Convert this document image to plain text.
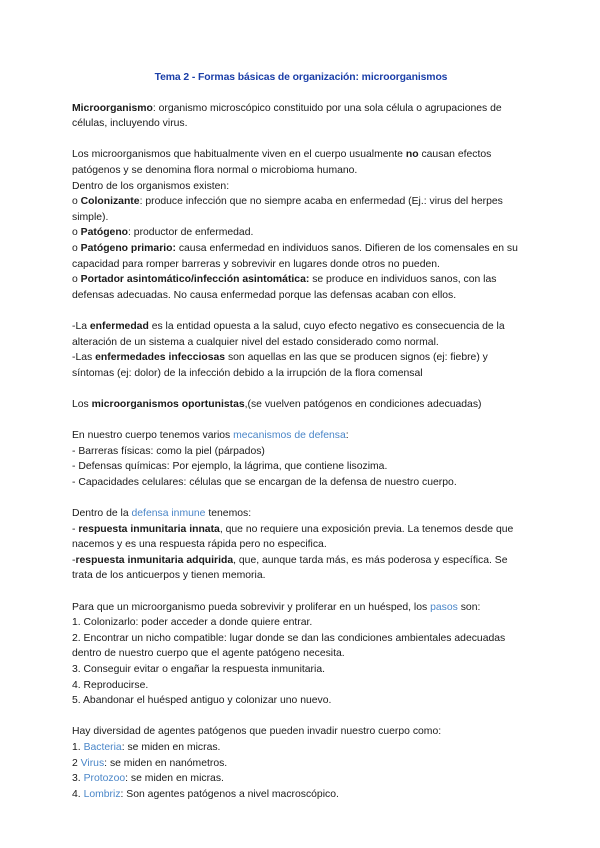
Tema 2 - Formas básicas de organización: microorganismos

Microorganismo: organismo microscópico constituido por una sola célula o agrupaciones de células, incluyendo virus.

Los microorganismos que habitualmente viven en el cuerpo usualmente no causan efectos patógenos y se denomina flora normal o microbioma humano.

Dentro de los organismos existen:

o Colonizante: produce infección que no siempre acaba en enfermedad (Ej.: virus del herpes simple).

o Patógeno: productor de enfermedad.

o Patógeno primario: causa enfermedad en individuos sanos. Difieren de los comensales en su capacidad para romper barreras y sobrevivir en lugares donde otros no pueden.

o Portador asintomático/infección asintomática: se produce en individuos sanos, con las defensas adecuadas. No causa enfermedad porque las defensas acaban con ellos.

-La enfermedad es la entidad opuesta a la salud, cuyo efecto negativo es consecuencia de la alteración de un sistema a cualquier nivel del estado considerado como normal.

-Las enfermedades infecciosas son aquellas en las que se producen signos (ej: fiebre) y síntomas (ej: dolor) de la infección debido a la irrupción de la flora comensal

Los microorganismos oportunistas,(se vuelven patógenos en condiciones adecuadas)

En nuestro cuerpo tenemos varios mecanismos de defensa:

- Barreras físicas: como la piel (párpados)

- Defensas químicas: Por ejemplo, la lágrima, que contiene lisozima.

- Capacidades celulares: células que se encargan de la defensa de nuestro cuerpo.

Dentro de la defensa inmune tenemos:

- respuesta inmunitaria innata, que no requiere una exposición previa. La tenemos desde que nacemos y es una respuesta rápida pero no especifica.

-respuesta inmunitaria adquirida, que, aunque tarda más, es más poderosa y específica. Se trata de los anticuerpos y tienen memoria.

Para que un microorganismo pueda sobrevivir y proliferar en un huésped, los pasos son:

1. Colonizarlo: poder acceder a donde quiere entrar.

2. Encontrar un nicho compatible: lugar donde se dan las condiciones ambientales adecuadas dentro de nuestro cuerpo que el agente patógeno necesita.

3. Conseguir evitar o engañar la respuesta inmunitaria.

4. Reproducirse.

5. Abandonar el huésped antiguo y colonizar uno nuevo.

Hay diversidad de agentes patógenos que pueden invadir nuestro cuerpo como:

1. Bacteria: se miden en micras.

2 Virus: se miden en nanómetros.

3. Protozoo: se miden en micras.

4. Lombriz: Son agentes patógenos a nivel macroscópico.
